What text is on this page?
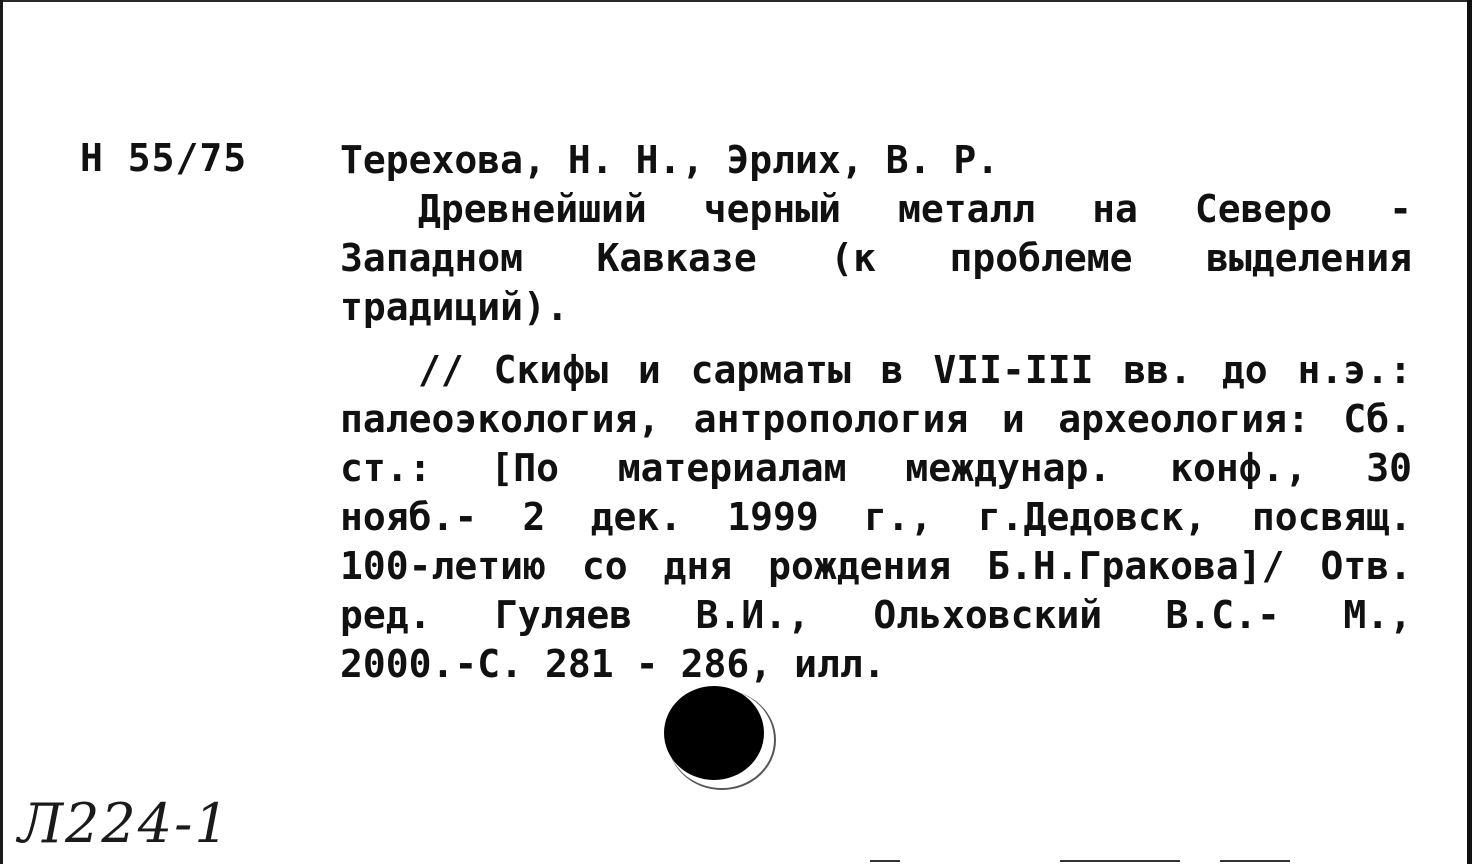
Н 55/75 Терехова, Н. Н., Эрлих, В. Р.
Древнейший черный металл на Северо -
Западном Кавказе (к проблеме выделения
традиций).
// Скифы и сарматы в VII-III вв. до н.э.:
палеоэкология, антропология и археология: Сб.
ст.: [По материалам междунар. конф., 30
нояб.- 2 дек. 1999 г., г.Дедовск, посвящ.
100-летию со дня рождения Б.Н.Гракова]/ Отв.
ред. Гуляев В.И., Ольховский В.С.- М.,
2000.-С. 281 - 286, илл.
Л224-1
